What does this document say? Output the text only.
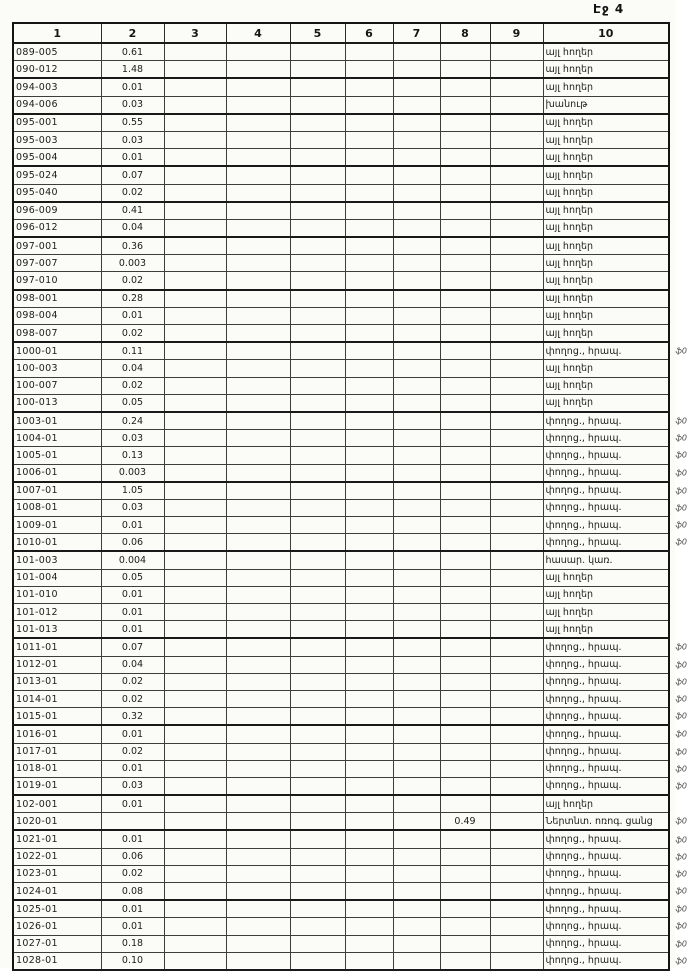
Էջ 4
1	2	3	4	5	6	7	8	9	10
089-005	0.61								այլ հողեր

090-012	1.48								այլ հողեր

094-003	0.01								այլ հողեր

094-006	0.03								խանութ

095-001	0.55								այլ հողեր

095-003	0.03								այլ հողեր

095-004	0.01								այլ հողեր

095-024	0.07								այլ հողեր

095-040	0.02								այլ հողեր

096-009	0.41								այլ հողեր

096-012	0.04								այլ հողեր

097-001	0.36								այլ հողեր

097-007	0.003								այլ հողեր

097-010	0.02								այլ հողեր

098-001	0.28								այլ հողեր

098-004	0.01								այլ հողեր

098-007	0.02								այլ հողեր

1000-01	0.11								փողոց., հրապ. ֆ0

100-003	0.04								այլ հողեր

100-007	0.02								այլ հողեր

100-013	0.05								այլ հողեր

1003-01	0.24								փողոց., հրապ. ֆ0

1004-01	0.03								փողոց., հրապ. ֆ0

1005-01	0.13								փողոց., հրապ. ֆ0

1006-01	0.003								փողոց., հրապ. ֆ0

1007-01	1.05								փողոց., հրապ. ֆ0

1008-01	0.03								փողոց., հրապ. ֆ0

1009-01	0.01								փողոց., հրապ. ֆ0

1010-01	0.06								փողոց., հրապ. ֆ0

101-003	0.004								հասար. կառ.

101-004	0.05								այլ հողեր

101-010	0.01								այլ հողեր

101-012	0.01								այլ հողեր

101-013	0.01								այլ հողեր

1011-01	0.07								փողոց., հրապ. ֆ0

1012-01	0.04								փողոց., հրապ. ֆ0

1013-01	0.02								փողոց., հրապ. ֆ0

1014-01	0.02								փողոց., հրապ. ֆ0

1015-01	0.32								փողոց., հրապ. ֆ0

1016-01	0.01								փողոց., հրապ. ֆ0

1017-01	0.02								փողոց., հրապ. ֆ0

1018-01	0.01								փողոց., հրապ. ֆ0

1019-01	0.03								փողոց., հրապ. ֆ0

102-001	0.01								այլ հողեր

1020-01							0.49		Ներտնտ. ոռոգ. ցանց ֆ0

1021-01	0.01								փողոց., հրապ. ֆ0

1022-01	0.06								փողոց., հրապ. ֆ0

1023-01	0.02								փողոց., հրապ. ֆ0

1024-01	0.08								փողոց., հրապ. ֆ0

1025-01	0.01								փողոց., հրապ. ֆ0

1026-01	0.01								փողոց., հրապ. ֆ0

1027-01	0.18								փողոց., հրապ. ֆ0

1028-01	0.10								փողոց., հրապ. ֆ0
